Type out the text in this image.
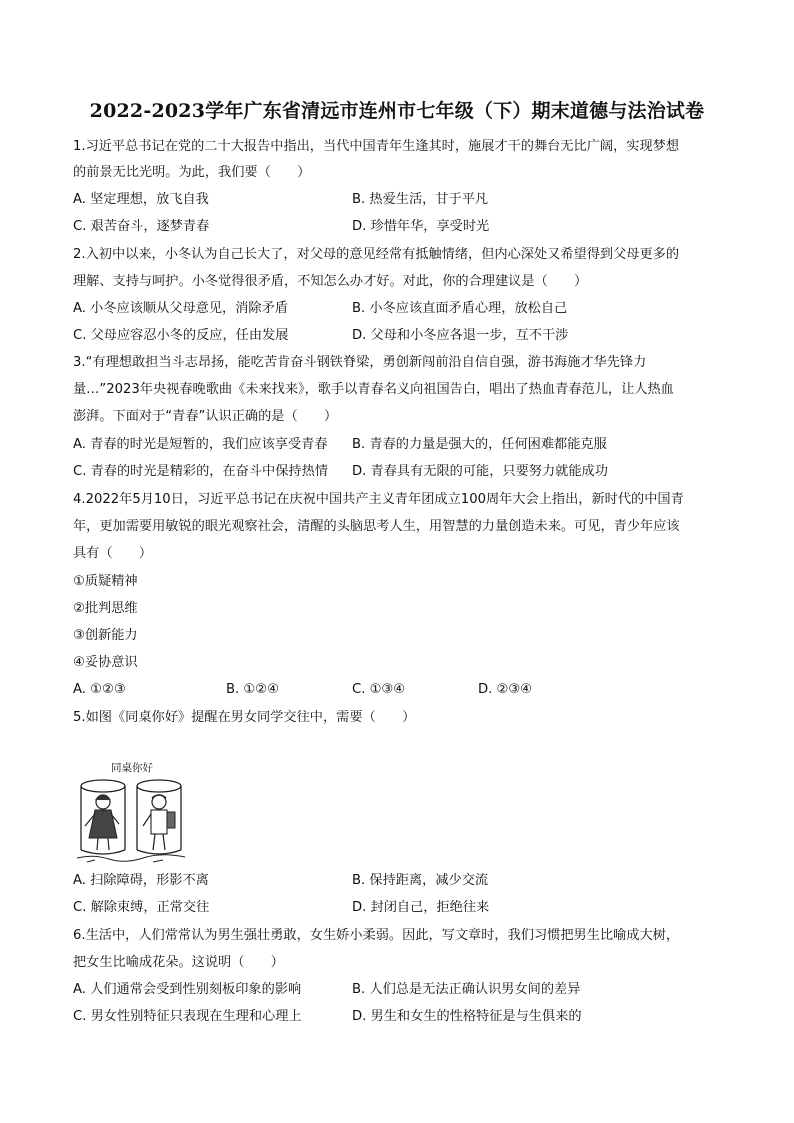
2022-2023学年广东省清远市连州市七年级（下）期末道德与法治试卷
1.习近平总书记在党的二十大报告中指出，当代中国青年生逢其时，施展才干的舞台无比广阔，实现梦想
的前景无比光明。为此，我们要（　　）
A. 坚定理想，放飞自我	B. 热爱生活，甘于平凡
C. 艰苦奋斗，逐梦青春	D. 珍惜年华，享受时光
2.入初中以来，小冬认为自己长大了，对父母的意见经常有抵触情绪，但内心深处又希望得到父母更多的
理解、支持与呵护。小冬觉得很矛盾，不知怎么办才好。对此，你的合理建议是（　　）
A. 小冬应该顺从父母意见，消除矛盾	B. 小冬应该直面矛盾心理，放松自己
C. 父母应容忍小冬的反应，任由发展	D. 父母和小冬应各退一步，互不干涉
3.“有理想敢担当斗志昂扬，能吃苦肯奋斗钢铁脊梁，勇创新闯前沿自信自强，游书海施才华先锋力
量…”2023年央视春晚歌曲《未来找来》，歌手以青春名义向祖国告白，唱出了热血青春范儿，让人热血
澎湃。下面对于“青春”认识正确的是（　　）
A. 青春的时光是短暂的，我们应该享受青春 B. 青春的力量是强大的，任何困难都能克服
C. 青春的时光是精彩的，在奋斗中保持热情 D. 青春具有无限的可能，只要努力就能成功
4.2022年5月10日，习近平总书记在庆祝中国共产主义青年团成立100周年大会上指出，新时代的中国青
年，更加需要用敏锐的眼光观察社会，清醒的头脑思考人生，用智慧的力量创造未来。可见，青少年应该
具有（　　）
①质疑精神
②批判思维
③创新能力
④妥协意识
A. ①②③	B. ①②④	C. ①③④	D. ②③④
5.如图《同桌你好》提醒在男女同学交往中，需要（　　）
同桌你好
A. 扫除障碍，形影不离	B. 保持距离，减少交流
C. 解除束缚，正常交往	D. 封闭自己，拒绝往来
6.生活中，人们常常认为男生强壮勇敢，女生娇小柔弱。因此，写文章时，我们习惯把男生比喻成大树，
把女生比喻成花朵。这说明（　　）
A. 人们通常会受到性别刻板印象的影响	B. 人们总是无法正确认识男女间的差异
C. 男女性别特征只表现在生理和心理上	D. 男生和女生的性格特征是与生俱来的
